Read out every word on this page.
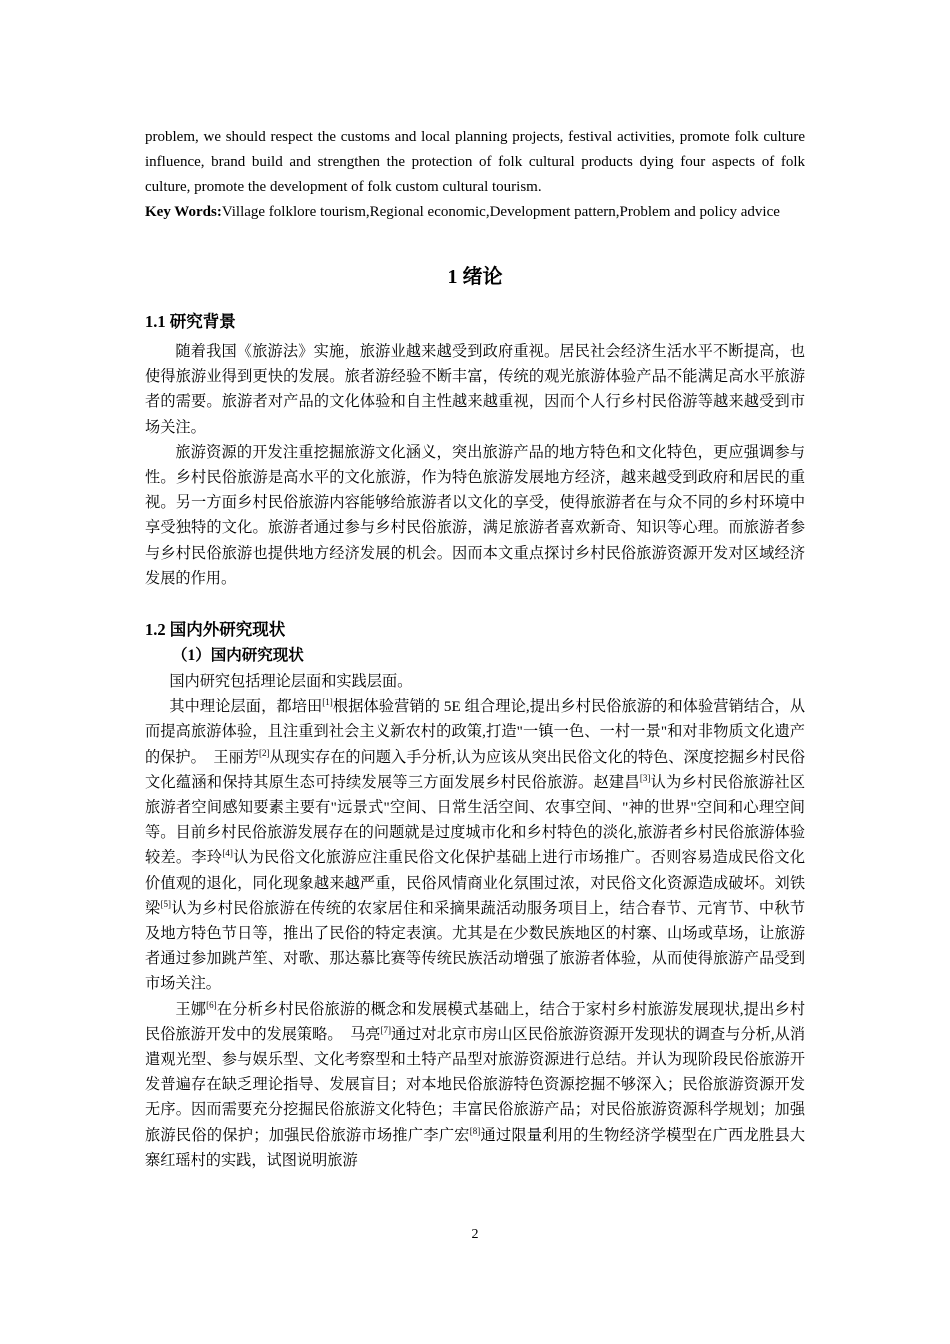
problem, we should respect the customs and local planning projects, festival activities, promote folk culture influence, brand build and strengthen the protection of folk cultural products dying four aspects of folk culture, promote the development of folk custom cultural tourism.

Key Words:Village folklore tourism,Regional economic,Development pattern,Problem and policy advice

1 绪论
1.1 研究背景

随着我国《旅游法》实施，旅游业越来越受到政府重视。居民社会经济生活水平不断提高，也使得旅游业得到更快的发展。旅者游经验不断丰富，传统的观光旅游体验产品不能满足高水平旅游者的需要。旅游者对产品的文化体验和自主性越来越重视，因而个人行乡村民俗游等越来越受到市场关注。

旅游资源的开发注重挖掘旅游文化涵义，突出旅游产品的地方特色和文化特色，更应强调参与性。乡村民俗旅游是高水平的文化旅游，作为特色旅游发展地方经济，越来越受到政府和居民的重视。另一方面乡村民俗旅游内容能够给旅游者以文化的享受，使得旅游者在与众不同的乡村环境中享受独特的文化。旅游者通过参与乡村民俗旅游，满足旅游者喜欢新奇、知识等心理。而旅游者参与乡村民俗旅游也提供地方经济发展的机会。因而本文重点探讨乡村民俗旅游资源开发对区域经济发展的作用。

1.2 国内外研究现状
（1）国内研究现状

国内研究包括理论层面和实践层面。

其中理论层面，都培田[1]根据体验营销的 5E 组合理论,提出乡村民俗旅游的和体验营销结合，从而提高旅游体验，且注重到社会主义新农村的政策,打造"一镇一色、一村一景"和对非物质文化遗产的保护。　王丽芳[2]从现实存在的问题入手分析,认为应该从突出民俗文化的特色、深度挖掘乡村民俗文化蕴涵和保持其原生态可持续发展等三方面发展乡村民俗旅游。赵建昌[3]认为乡村民俗旅游社区旅游者空间感知要素主要有"远景式"空间、日常生活空间、农事空间、"神的世界"空间和心理空间等。目前乡村民俗旅游发展存在的问题就是过度城市化和乡村特色的淡化,旅游者乡村民俗旅游体验较差。李玲[4]认为民俗文化旅游应注重民俗文化保护基础上进行市场推广。否则容易造成民俗文化价值观的退化，同化现象越来越严重，民俗风情商业化氛围过浓，对民俗文化资源造成破坏。刘铁梁[5]认为乡村民俗旅游在传统的农家居住和采摘果蔬活动服务项目上，结合春节、元宵节、中秋节及地方特色节日等，推出了民俗的特定表演。尤其是在少数民族地区的村寨、山场或草场，让旅游者通过参加跳芦笙、对歌、那达慕比赛等传统民族活动增强了旅游者体验，从而使得旅游产品受到市场关注。

王娜[6]在分析乡村民俗旅游的概念和发展模式基础上，结合于家村乡村旅游发展现状,提出乡村民俗旅游开发中的发展策略。　马亮[7]通过对北京市房山区民俗旅游资源开发现状的调查与分析,从消遣观光型、参与娱乐型、文化考察型和土特产品型对旅游资源进行总结。并认为现阶段民俗旅游开发普遍存在缺乏理论指导、发展盲目；对本地民俗旅游特色资源挖掘不够深入；民俗旅游资源开发无序。因而需要充分挖掘民俗旅游文化特色；丰富民俗旅游产品；对民俗旅游资源科学规划；加强旅游民俗的保护；加强民俗旅游市场推广李广宏[8]通过限量利用的生物经济学模型在广西龙胜县大寨红瑶村的实践，试图说明旅游

2
